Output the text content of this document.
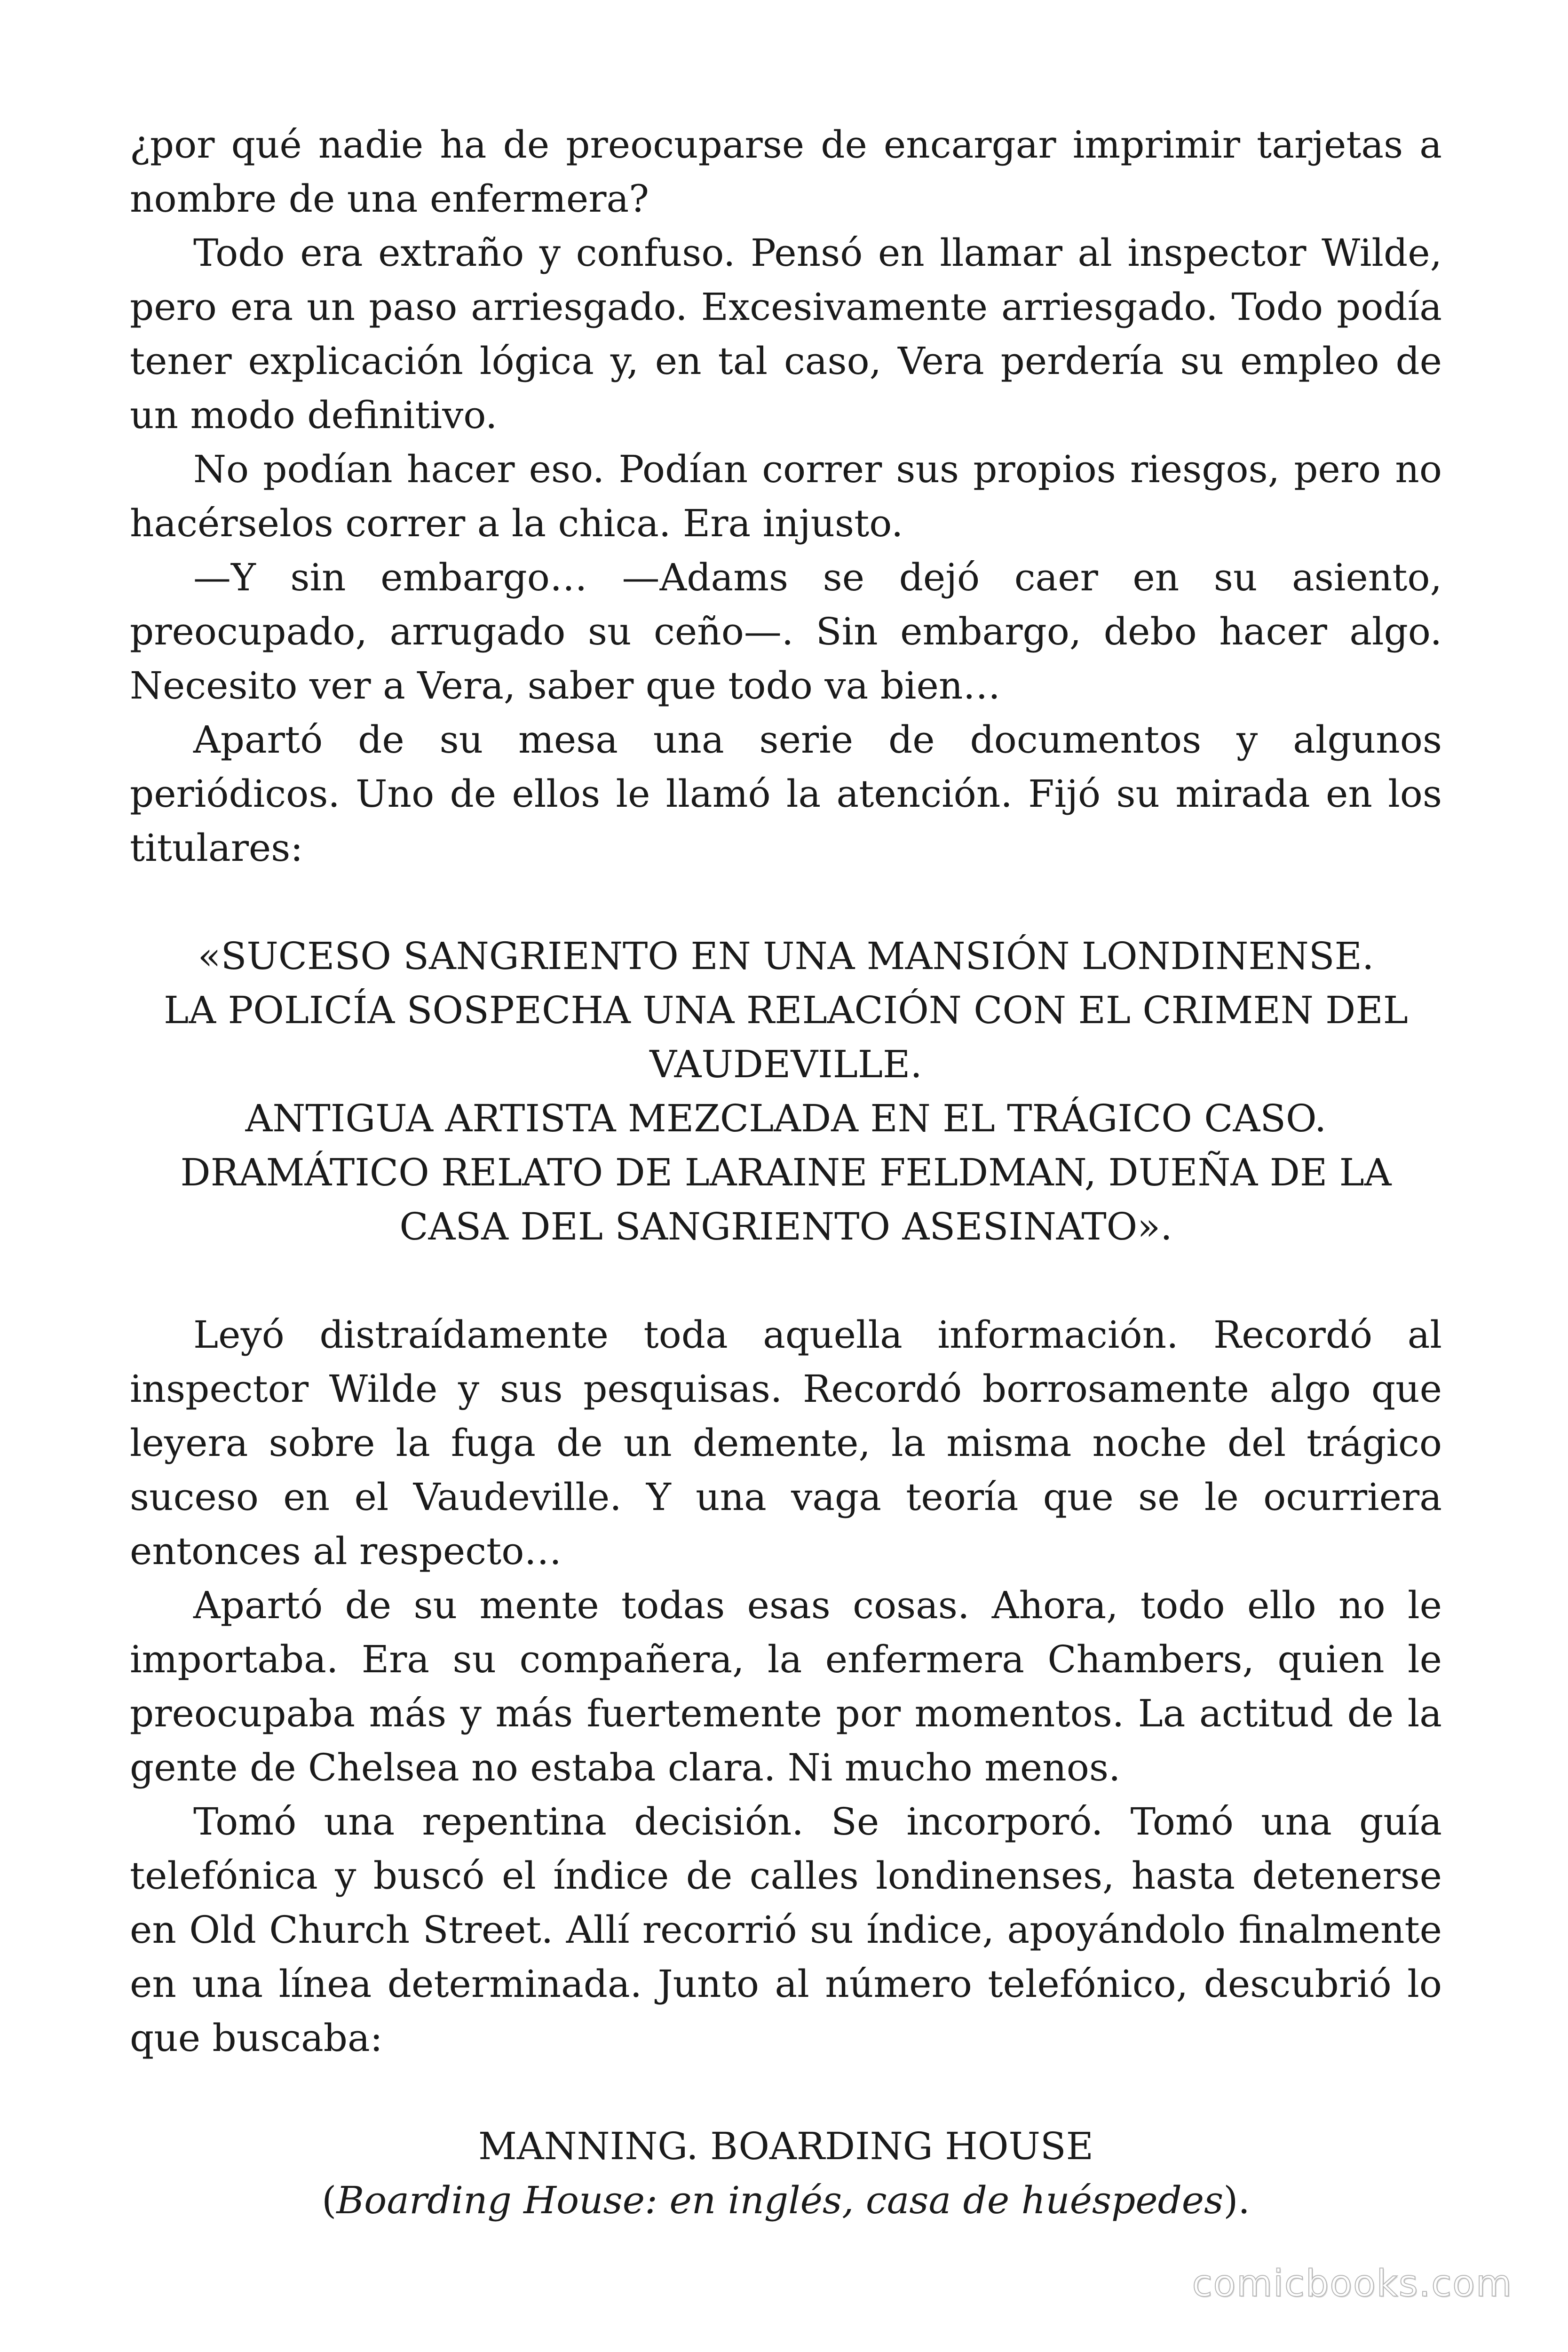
¿por qué nadie ha de preocuparse de encargar imprimir tarjetas a nombre de una enfermera?

Todo era extraño y confuso. Pensó en llamar al inspector Wilde, pero era un paso arriesgado. Excesivamente arriesgado. Todo podía tener explicación lógica y, en tal caso, Vera perdería su empleo de un modo definitivo.

No podían hacer eso. Podían correr sus propios riesgos, pero no hacérselos correr a la chica. Era injusto.

—Y sin embargo… —Adams se dejó caer en su asiento, preocupado, arrugado su ceño—. Sin embargo, debo hacer algo. Necesito ver a Vera, saber que todo va bien…

Apartó de su mesa una serie de documentos y algunos periódicos. Uno de ellos le llamó la atención. Fijó su mirada en los titulares:

«SUCESO SANGRIENTO EN UNA MANSIÓN LONDINENSE.
LA POLICÍA SOSPECHA UNA RELACIÓN CON EL CRIMEN DEL VAUDEVILLE.
ANTIGUA ARTISTA MEZCLADA EN EL TRÁGICO CASO.
DRAMÁTICO RELATO DE LARAINE FELDMAN, DUEÑA DE LA CASA DEL SANGRIENTO ASESINATO».

Leyó distraídamente toda aquella información. Recordó al inspector Wilde y sus pesquisas. Recordó borrosamente algo que leyera sobre la fuga de un demente, la misma noche del trágico suceso en el Vaudeville. Y una vaga teoría que se le ocurriera entonces al respecto…

Apartó de su mente todas esas cosas. Ahora, todo ello no le importaba. Era su compañera, la enfermera Chambers, quien le preocupaba más y más fuertemente por momentos. La actitud de la gente de Chelsea no estaba clara. Ni mucho menos.

Tomó una repentina decisión. Se incorporó. Tomó una guía telefónica y buscó el índice de calles londinenses, hasta detenerse en Old Church Street. Allí recorrió su índice, apoyándolo finalmente en una línea determinada. Junto al número telefónico, descubrió lo que buscaba:

MANNING. BOARDING HOUSE
(Boarding House: en inglés, casa de huéspedes).
comicbooks.com
